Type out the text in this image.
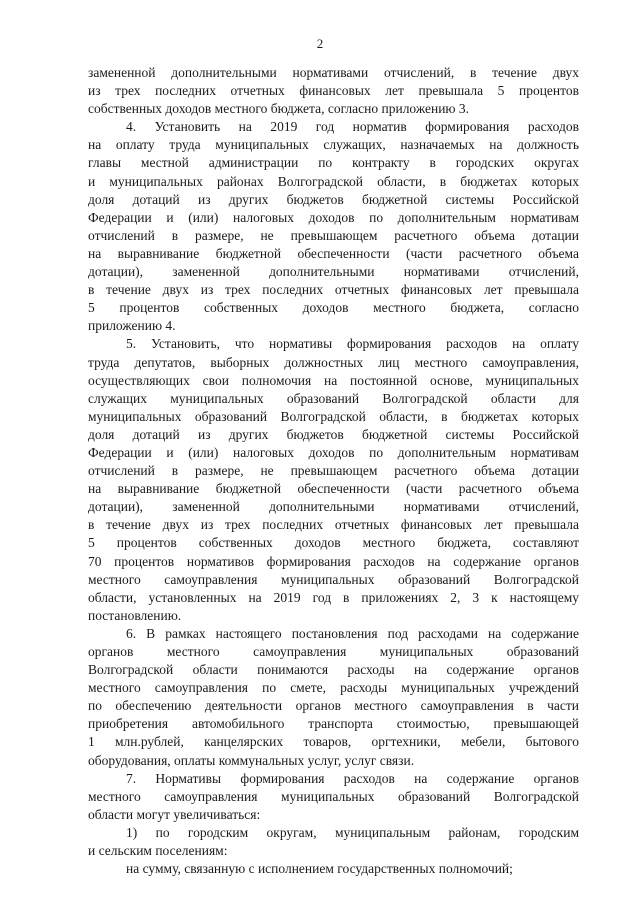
2
замененной дополнительными нормативами отчислений, в течение двух
из трех последних отчетных финансовых лет превышала 5 процентов
собственных доходов местного бюджета, согласно приложению 3.
4. Установить на 2019 год норматив формирования расходов
на оплату труда муниципальных служащих, назначаемых на должность
главы местной администрации по контракту в городских округах
и муниципальных районах Волгоградской области, в бюджетах которых
доля дотаций из других бюджетов бюджетной системы Российской
Федерации и (или) налоговых доходов по дополнительным нормативам
отчислений в размере, не превышающем расчетного объема дотации
на выравнивание бюджетной обеспеченности (части расчетного объема
дотации), замененной дополнительными нормативами отчислений,
в течение двух из трех последних отчетных финансовых лет превышала
5 процентов собственных доходов местного бюджета, согласно
приложению 4.
5. Установить, что нормативы формирования расходов на оплату
труда депутатов, выборных должностных лиц местного самоуправления,
осуществляющих свои полномочия на постоянной основе, муниципальных
служащих муниципальных образований Волгоградской области для
муниципальных образований Волгоградской области, в бюджетах которых
доля дотаций из других бюджетов бюджетной системы Российской
Федерации и (или) налоговых доходов по дополнительным нормативам
отчислений в размере, не превышающем расчетного объема дотации
на выравнивание бюджетной обеспеченности (части расчетного объема
дотации), замененной дополнительными нормативами отчислений,
в течение двух из трех последних отчетных финансовых лет превышала
5 процентов собственных доходов местного бюджета, составляют
70 процентов нормативов формирования расходов на содержание органов
местного самоуправления муниципальных образований Волгоградской
области, установленных на 2019 год в приложениях 2, 3 к настоящему
постановлению.
6. В рамках настоящего постановления под расходами на содержание
органов местного самоуправления муниципальных образований
Волгоградской области понимаются расходы на содержание органов
местного самоуправления по смете, расходы муниципальных учреждений
по обеспечению деятельности органов местного самоуправления в части
приобретения автомобильного транспорта стоимостью, превышающей
1 млн.рублей, канцелярских товаров, оргтехники, мебели, бытового
оборудования, оплаты коммунальных услуг, услуг связи.
7. Нормативы формирования расходов на содержание органов
местного самоуправления муниципальных образований Волгоградской
области могут увеличиваться:
1) по городским округам, муниципальным районам, городским
и сельским поселениям:
на сумму, связанную с исполнением государственных полномочий;
